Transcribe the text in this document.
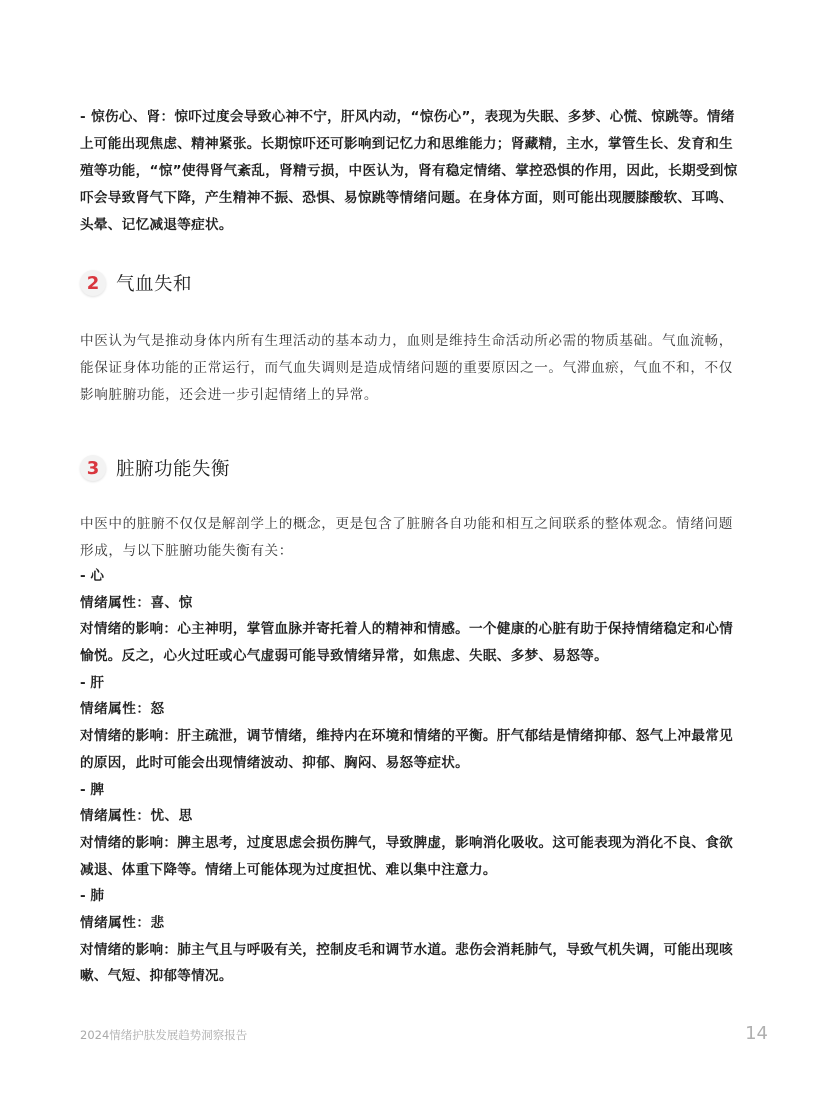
- 惊伤心、肾：惊吓过度会导致心神不宁，肝风内动，“惊伤心”，表现为失眠、多梦、心慌、惊跳等。情绪上可能出现焦虑、精神紧张。长期惊吓还可影响到记忆力和思维能力；肾藏精，主水，掌管生长、发育和生殖等功能，“惊”使得肾气紊乱，肾精亏损，中医认为，肾有稳定情绪、掌控恐惧的作用，因此，长期受到惊吓会导致肾气下降，产生精神不振、恐惧、易惊跳等情绪问题。在身体方面，则可能出现腰膝酸软、耳鸣、头晕、记忆减退等症状。

2 气血失和

中医认为气是推动身体内所有生理活动的基本动力，血则是维持生命活动所必需的物质基础。气血流畅，能保证身体功能的正常运行，而气血失调则是造成情绪问题的重要原因之一。气滞血瘀，气血不和，不仅影响脏腑功能，还会进一步引起情绪上的异常。

3 脏腑功能失衡

中医中的脏腑不仅仅是解剖学上的概念，更是包含了脏腑各自功能和相互之间联系的整体观念。情绪问题形成，与以下脏腑功能失衡有关：

- 心
情绪属性：喜、惊
对情绪的影响：心主神明，掌管血脉并寄托着人的精神和情感。一个健康的心脏有助于保持情绪稳定和心情愉悦。反之，心火过旺或心气虚弱可能导致情绪异常，如焦虑、失眠、多梦、易怒等。
- 肝
情绪属性：怒
对情绪的影响：肝主疏泄，调节情绪，维持内在环境和情绪的平衡。肝气郁结是情绪抑郁、怒气上冲最常见的原因，此时可能会出现情绪波动、抑郁、胸闷、易怒等症状。
- 脾
情绪属性：忧、思
对情绪的影响：脾主思考，过度思虑会损伤脾气，导致脾虚，影响消化吸收。这可能表现为消化不良、食欲减退、体重下降等。情绪上可能体现为过度担忧、难以集中注意力。
- 肺
情绪属性：悲
对情绪的影响：肺主气且与呼吸有关，控制皮毛和调节水道。悲伤会消耗肺气，导致气机失调，可能出现咳嗽、气短、抑郁等情况。
2024情绪护肤发展趋势洞察报告	14
